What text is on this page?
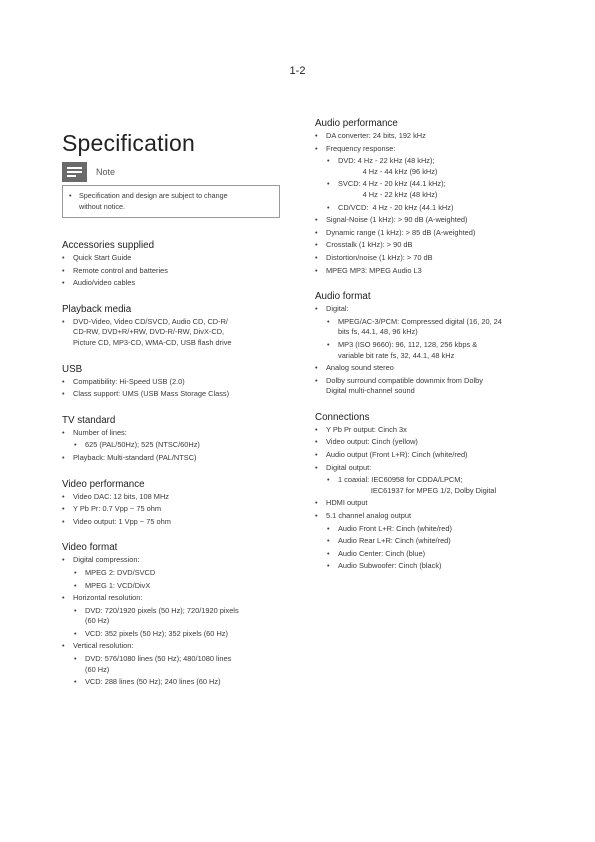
1-2
Specification
Note
•	Specification and design are subject to change
without notice.
Accessories supplied
•	Quick Start Guide
•	Remote control and batteries
•	Audio/video cables
Playback media
•	DVD-Video, Video CD/SVCD, Audio CD, CD-R/
CD-RW, DVD+R/+RW, DVD-R/-RW, DivX-CD,
Picture CD, MP3-CD, WMA-CD, USB flash drive
USB
•	Compatibility: Hi-Speed USB (2.0)
•	Class support: UMS (USB Mass Storage Class)
TV standard
•	Number of lines:
•	625 (PAL/50Hz); 525 (NTSC/60Hz)
•	Playback: Multi-standard (PAL/NTSC)
Video performance
•	Video DAC: 12 bits, 108 MHz
•	Y Pb Pr: 0.7 Vpp ~ 75 ohm
•	Video output: 1 Vpp ~ 75 ohm
Video format
•	Digital compression:
•	MPEG 2: DVD/SVCD
•	MPEG 1: VCD/DivX
•	Horizontal resolution:
•	DVD: 720/1920 pixels (50 Hz); 720/1920 pixels
(60 Hz)
•	VCD: 352 pixels (50 Hz); 352 pixels (60 Hz)
•	Vertical resolution:
•	DVD: 576/1080 lines (50 Hz); 480/1080 lines
(60 Hz)
•	VCD: 288 lines (50 Hz); 240 lines (60 Hz)
Audio performance
•	DA converter: 24 bits, 192 kHz
•	Frequency response:
•	DVD: 4 Hz - 22 kHz (48 kHz);
4 Hz - 44 kHz (96 kHz)
•	SVCD: 4 Hz - 20 kHz (44.1 kHz);
4 Hz - 22 kHz (48 kHz)
•	CD/VCD:  4 Hz - 20 kHz (44.1 kHz)
•	Signal-Noise (1 kHz): > 90 dB (A-weighted)
•	Dynamic range (1 kHz): > 85 dB (A-weighted)
•	Crosstalk (1 kHz): > 90 dB
•	Distortion/noise (1 kHz): > 70 dB
•	MPEG MP3: MPEG Audio L3
Audio format
•	Digital:
•	MPEG/AC-3/PCM: Compressed digital (16, 20, 24
bits fs, 44.1, 48, 96 kHz)
•	MP3 (ISO 9660): 96, 112, 128, 256 kbps &
variable bit rate fs, 32, 44.1, 48 kHz
•	Analog sound stereo
•	Dolby surround compatible downmix from Dolby
Digital multi-channel sound
Connections
•	Y Pb Pr output: Cinch 3x
•	Video output: Cinch (yellow)
•	Audio output (Front L+R): Cinch (white/red)
•	Digital output:
•	1 coaxial: IEC60958 for CDDA/LPCM;
IEC61937 for MPEG 1/2, Dolby Digital
•	HDMI output
•	5.1 channel analog output
•	Audio Front L+R: Cinch (white/red)
•	Audio Rear L+R: Cinch (white/red)
•	Audio Center: Cinch (blue)
•	Audio Subwoofer: Cinch (black)
